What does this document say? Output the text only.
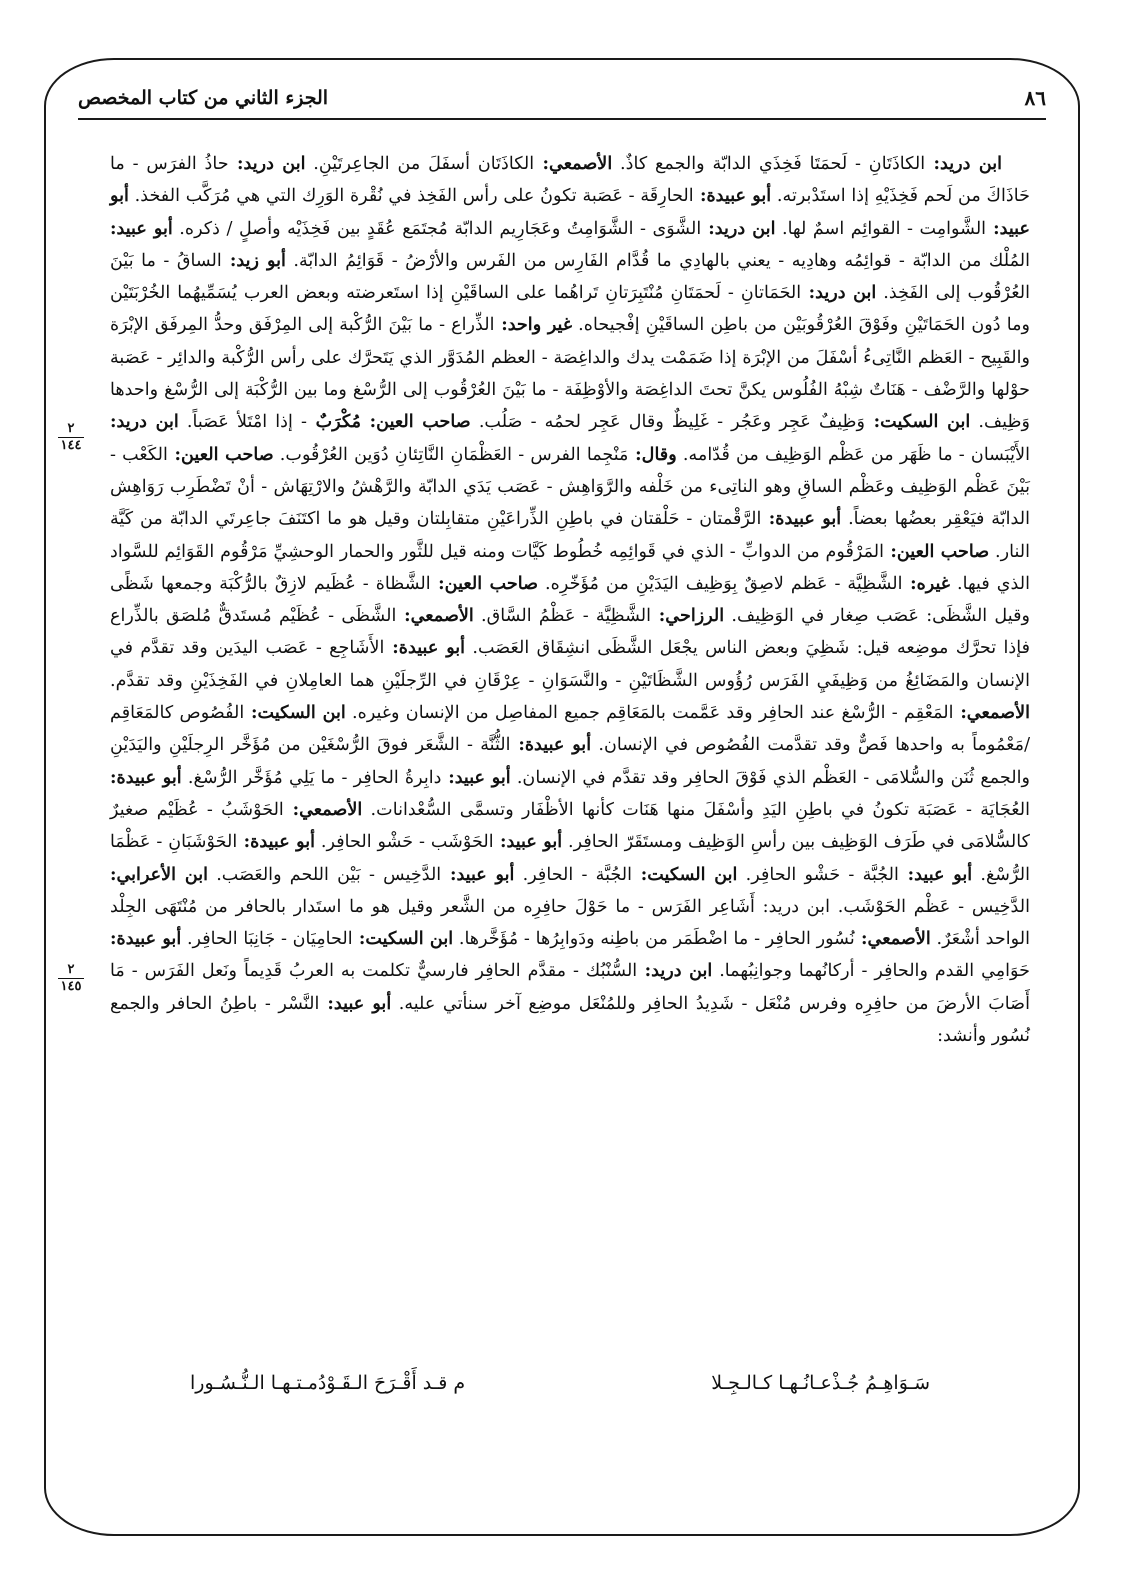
٨٦
الجزء الثاني من كتاب المخصص
٢
١٤٤
٢
١٤٥

ابن دريد: الكاذَتَانِ - لَحمَتَا فَخِذَي الدابّة والجمع كاذٌ. الأصمعي: الكاذَتَان أسفَلَ من الجاعِرتَيْنِ. ابن دريد: حاذُ الفرَس - ما حَاذَاكَ من لَحم فَخِذَيْهِ إذا استَدْبرته. أبو عبيدة: الحارِقَة - عَصَبة تكونُ على رأس الفَخِذ في نُقْرة الوَرِك التي هي مُرَكَّب الفخذ. أبو عبيد: الشَّوامِت - القوائِم اسمٌ لها. ابن دريد: الشَّوَى - الشَّوَامِتُ وعَجَارِيم الدابّة مُجتَمَع عُقَدٍ بين فَخِذَيْه وأصلٍ / ذكره. أبو عبيد: المُلْك من الدابّة - قوائِمُه وهادِيه - يعني بالهادِي ما قُدَّام الفَارِس من الفَرس والأرْضُ - قَوَائِمُ الدابّة. أبو زيد: الساقُ - ما بَيْنَ العُرْقُوب إلى الفَخِذ. ابن دريد: الحَمَاتانِ - لَحمَتَانِ مُنْتَبِرَتانِ تَراهُما على الساقَيْنِ إذا استَعرضته وبعض العرب يُسَمِّيهُما الخُرْبَتَيْن وما دُون الحَمَاتَيْنِ وفَوْقَ العُرْقُوبَيْن من باطِن الساقَيْنِ إفْجيحاه. غير واحد: الذِّراع - ما بَيْنَ الرُّكْبة إلى المِرْفَق وحدُّ المِرفَق الإبْرَة والقَبِيح - العَظم النَّاتِىءُ أسْفَلَ من الإبْرَة إذا ضَمَمْت يدك والداغِصَة - العظم المُدَوَّر الذي يَتَحرَّك على رأس الرُّكْبة والدائِر - عَصَبة حوْلها والرَّضْف - هَنَاتٌ شِبْهُ الفُلُوس يكنَّ تحتَ الداغِصَة والأوْظِفَة - ما بَيْنَ العُرْقُوب إلى الرُّسْغ وما بين الرُّكْبَة إلى الرُّسْغ واحدها وَظِيف. ابن السكيت: وَظِيفٌ عَجِر وعَجُر - غَلِيظٌ وقال عَجِر لحمُه - صَلُب. صاحب العين: مُكْرَبٌ - إذا امْتَلأ عَصَباً. ابن دريد: الأَيْبَسان - ما ظَهَر من عَظْم الوَظِيف من قُدّامه. وقال: مَنْجِما الفرس - العَظْمَانِ النَّاتِئانِ دُوَين العُرْقُوب. صاحب العين: الكَعْب - بَيْنَ عَظْم الوَظِيف وعَظْم الساقِ وهو الناتِىء من خَلْفه والرَّوَاهِش - عَصَب يَدَي الدابّة والرَّهْشُ والارْتِهَاش - أنْ تَضْطَرِب رَوَاهِش الدابّة فيَعْقِر بعضُها بعضاً. أبو عبيدة: الرَّقْمتان - حَلْقتان في باطِنِ الذِّراعَيْنِ متقابِلتان وقيل هو ما اكتَنَفَ جاعِرتَي الدابّة من كَيَّة النار. صاحب العين: المَرْقُوم من الدوابِّ - الذي في قَوائِمِه خُطُوط كَيَّات ومنه قيل للثَّور والحمار الوحشِيِّ مَرْقُوم القَوَائِم للسَّواد الذي فيها. غيره: الشَّظِيَّة - عَظم لاصِقٌ بِوَظِيف اليَدَيْنِ من مُؤَخّرِه. صاحب العين: الشَّظاة - عُظَيم لازِقٌ بالرُّكْبَة وجمعها شَظًى وقيل الشَّظَى: عَصَب صِغار في الوَظِيف. الرزاحي: الشَّظِيَّة - عَظْمُ السَّاق. الأصمعي: الشَّظَى - عُظَيْم مُستَدقٌّ مُلصَق بالذِّراع فإذا تحرَّك موضِعه قيل: شَظِيَ وبعض الناس يجْعَل الشَّظَى انشِقَاق العَصَب. أبو عبيدة: الأَشَاجِع - عَصَب اليدَين وقد تقدَّم في الإنسان والمَضَائِغُ من وَظِيفَيِ الفَرَس رُؤُوس الشَّظَاتَيْنِ - والنَّسَوَانِ - عِرْقَانِ في الرِّجلَيْنِ هما العامِلانِ في الفَخِذَيْنِ وقد تقدَّم. الأصمعي: المَعْقِم - الرُّسْغ عند الحافِر وقد عَمَّمت بالمَعَاقِم جميع المفاصِل من الإنسان وغيره. ابن السكيت: الفُصُوص كالمَعَاقِم /مَعْمُوماً به واحدها فَصٌّ وقد تقدَّمت الفُصُوص في الإنسان. أبو عبيدة: الثُّنَّة - الشَّعَر فوقَ الرُّسْغَيْن من مُؤَخَّر الرِجلَيْنِ واليَدَيْنِ والجمع ثُنَن والسُّلامَى - العَظْم الذي فَوْقَ الحافِر وقد تقدَّم في الإنسان. أبو عبيد: دابِرةُ الحافِر - ما يَلِي مُؤَخَّر الرُّسْغ. أبو عبيدة: العُجَايَة - عَصَبَة تكونُ في باطِنِ اليَدِ وأسْفَلَ منها هَنَات كأنها الأظْفَار وتسمَّى السُّعْدانات. الأصمعي: الحَوْشَبُ - عُظَيْم صغيرٌ كالسُّلامَى في طَرَف الوَظِيف بين رأسِ الوَظِيف ومستَقَرّ الحافِر. أبو عبيد: الحَوْشَب - حَشْو الحافِر. أبو عبيدة: الحَوْشَبَانِ - عَظْمَا الرُّسْغ. أبو عبيد: الجُبَّة - حَشْو الحافِر. ابن السكيت: الجُبَّة - الحافِر. أبو عبيد: الدَّخِيس - بَيْن اللحم والعَصَب. ابن الأعرابي: الدَّخِيس - عَظْم الحَوْشَب. ابن دريد: أَشَاعِر الفَرَس - ما حَوْلَ حافِرِه من الشَّعر وقيل هو ما استَدار بالحافر من مُنْتَهَى الجِلْد الواحد أشْعَرٌ. الأصمعي: نُسُور الحافِر - ما اضْطَمَر من باطِنه ودَوابِرُها - مُؤَخَّرها. ابن السكيت: الحامِيَان - جَانِبَا الحافِر. أبو عبيدة: حَوَامِي القدم والحافِر - أركانُهما وجوانِبُهما. ابن دريد: السُّنْبُك - مقدَّم الحافِر فارسيٌّ تكلمت به العربُ قَدِيماً ونَعل الفَرَس - مَا أَصَابَ الأرضَ من حافِرِه وفرس مُنْعَل - شَدِيدُ الحافِر وللمُنْعَل موضِع آخر سنأتي عليه. أبو عبيد: النَّسْر - باطِنُ الحافر والجمع نُسُور وأنشد:

سَـوَاهِـمُ جُـذْعـانُـهـا كـالـجِـلا
م قـد أَقْـرَحَ الـقَـوْدُمـتـهـا الـنُّـسُـورا
